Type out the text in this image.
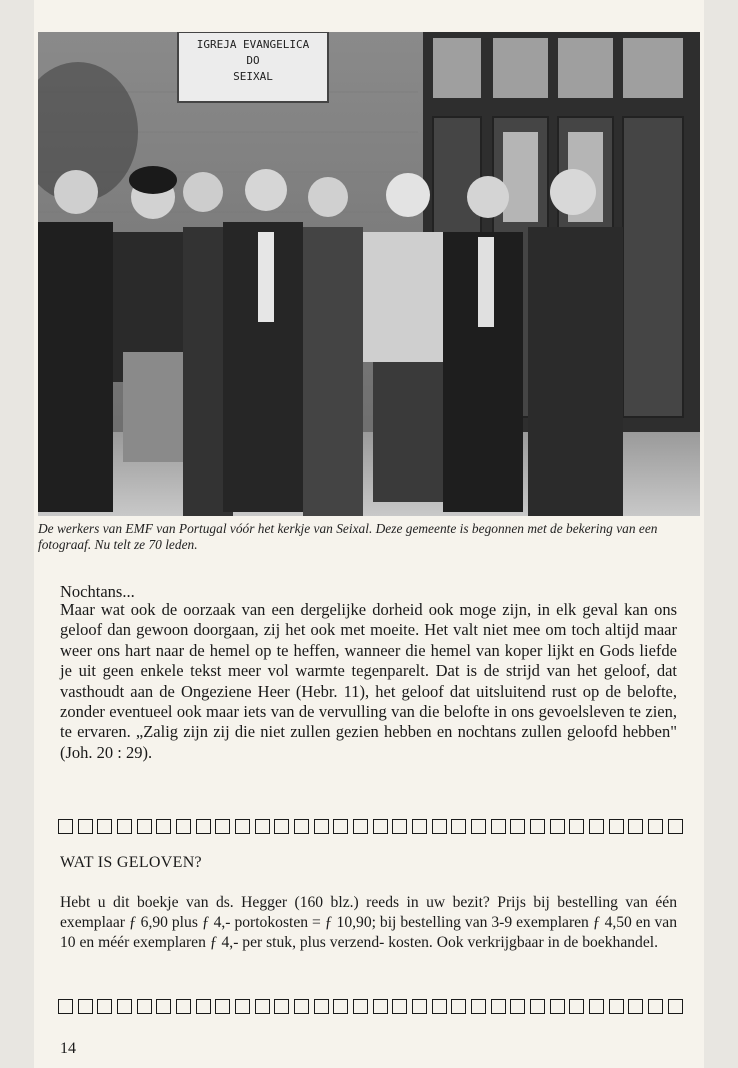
IGREJA EVANGELICA
DO
SEIXAL
De werkers van EMF van Portugal vóór het kerkje van Seixal. Deze gemeente is begonnen met de bekering van een fotograaf. Nu telt ze 70 leden.
Nochtans...
Maar wat ook de oorzaak van een dergelijke dorheid ook moge zijn, in elk geval kan ons geloof dan gewoon doorgaan, zij het ook met moeite. Het valt niet mee om toch altijd maar weer ons hart naar de hemel op te heffen, wanneer die hemel van koper lijkt en Gods liefde je uit geen enkele tekst meer vol warmte tegenparelt. Dat is de strijd van het geloof, dat vasthoudt aan de Ongeziene Heer (Hebr. 11), het geloof dat uitsluitend rust op de belofte, zonder eventueel ook maar iets van de vervulling van die belofte in ons gevoelsleven te zien, te ervaren. „Zalig zijn zij die niet zullen gezien hebben en nochtans zullen geloofd hebben" (Joh. 20 : 29).
WAT IS GELOVEN?
Hebt u dit boekje van ds. Hegger (160 blz.) reeds in uw bezit? Prijs bij bestelling van één exemplaar ƒ 6,90 plus ƒ 4,- portokosten = ƒ 10,90; bij bestelling van 3-9 exemplaren ƒ 4,50 en van 10 en méér exemplaren ƒ 4,- per stuk, plus verzend- kosten. Ook verkrijgbaar in de boekhandel.
14
